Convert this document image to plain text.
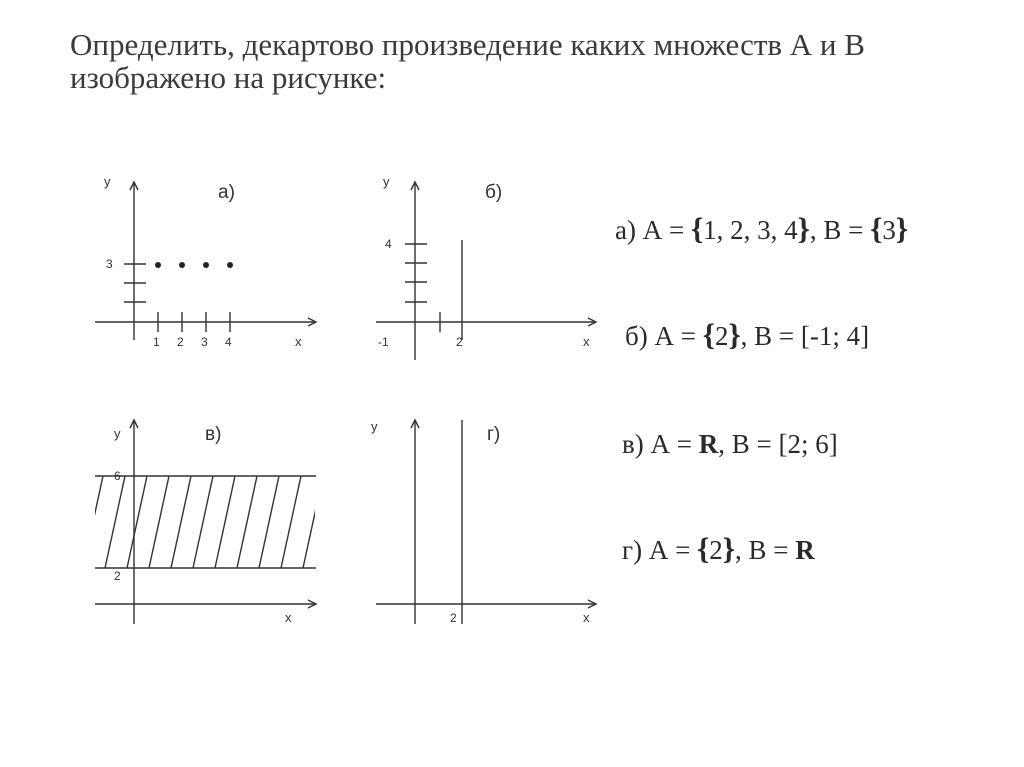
Определить, декартово произведение каких множеств А и В
изображено на рисунке:
y
x
а)
3
1 2 3 4
y
x
б)
4
-1	2
y
x
в)
6
2
y
x
г)
2
а) А = {1, 2, 3, 4}, В = {3}
б) А = {2}, В = [-1; 4]
в) А = R, В = [2; 6]
г) А = {2}, В = R
